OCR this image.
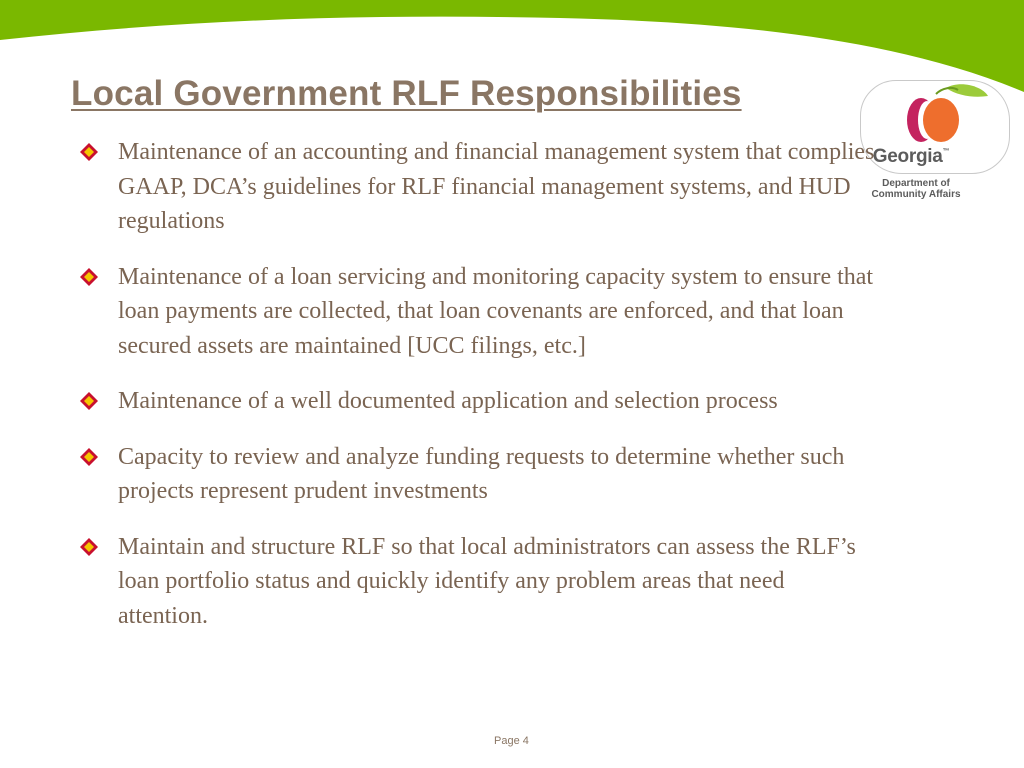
Local Government RLF Responsibilities
Georgia™
Department of
Community Affairs
Maintenance of an accounting and financial management system that complies GAAP, DCA’s guidelines for RLF financial management systems, and HUD regulations
Maintenance of a loan servicing and monitoring capacity system to ensure that loan payments are collected, that loan covenants are enforced, and that loan secured assets are maintained [UCC filings, etc.]
Maintenance of a well documented application and selection process
Capacity to review and analyze funding requests to determine whether such projects represent prudent investments
Maintain and structure RLF so that local administrators can assess the RLF’s loan portfolio status and quickly identify any problem areas that need attention.
Page 4
